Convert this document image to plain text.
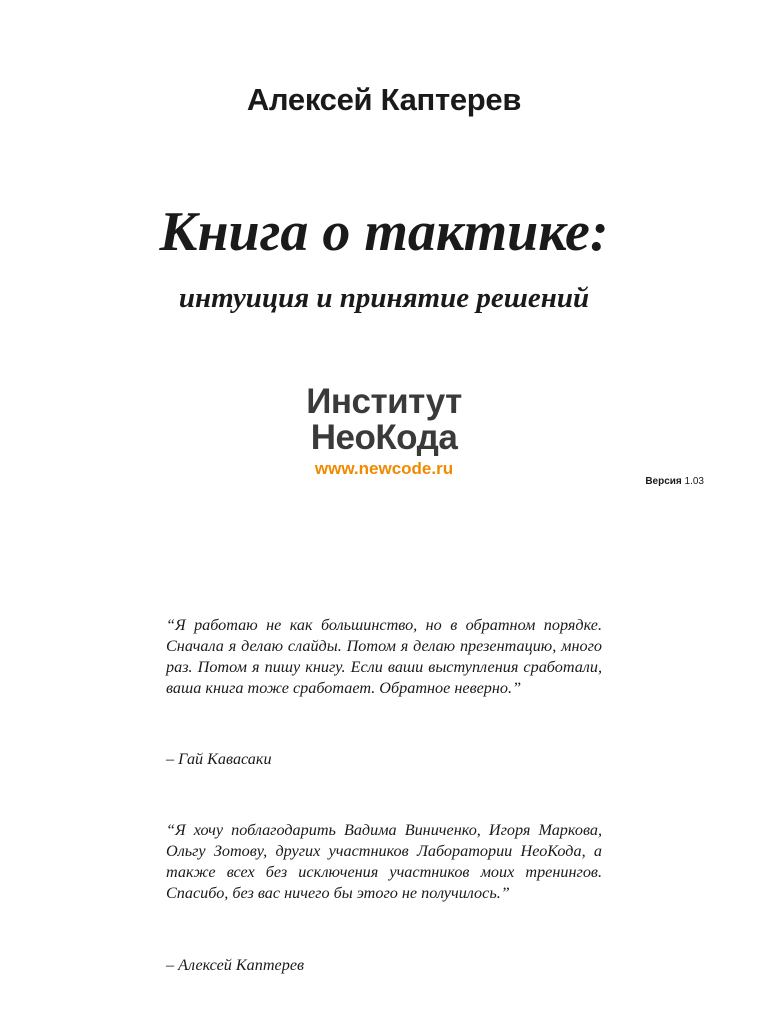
Алексей Каптерев
Книга о тактике:
интуиция и принятие решений
Институт
НеоКода
www.newcode.ru
Версия 1.03

“Я работаю не как большинство, но в обратном порядке. Сначала я делаю слайды. Потом я делаю презентацию, много раз. Потом я пишу книгу. Если ваши выступления сработали, ваша книга тоже сработает. Обратное неверно.”

– Гай Кавасаки

“Я хочу поблагодарить Вадима Виниченко, Игоря Маркова, Ольгу Зотову, других участников Лаборатории НеоКода, а также всех без исключения участников моих тренингов. Спасибо, без вас ничего бы этого не получилось.”

– Алексей Каптерев
